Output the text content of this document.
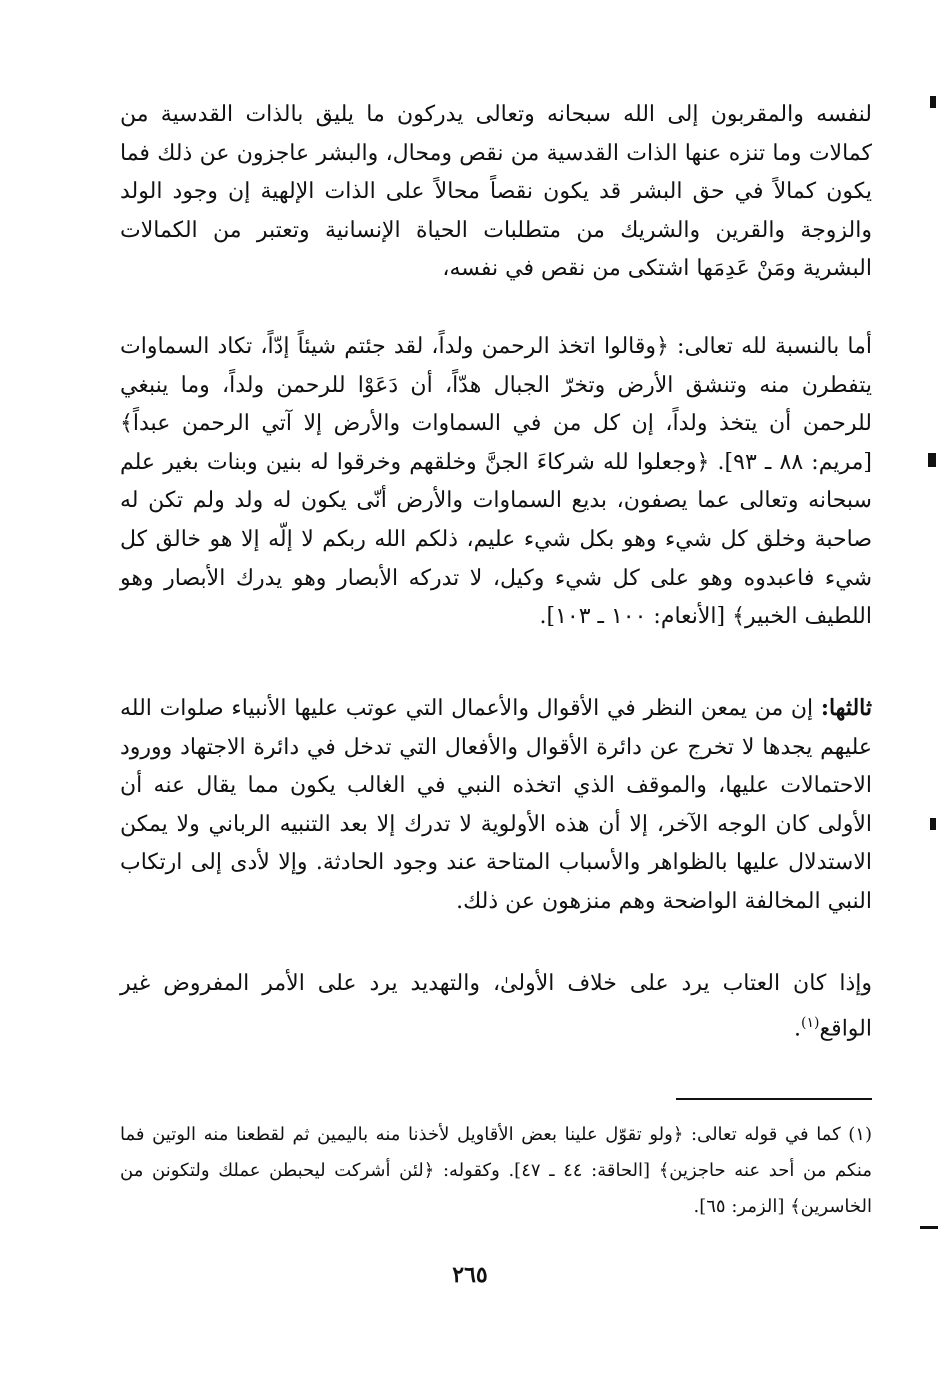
لنفسه والمقربون إلى الله سبحانه وتعالى يدركون ما يليق بالذات القدسية من كمالات وما تنزه عنها الذات القدسية من نقص ومحال، والبشر عاجزون عن ذلك فما يكون كمالاً في حق البشر قد يكون نقصاً محالاً على الذات الإلهية إن وجود الولد والزوجة والقرين والشريك من متطلبات الحياة الإنسانية وتعتبر من الكمالات البشرية ومَنْ عَدِمَها اشتكى من نقص في نفسه،

أما بالنسبة لله تعالى: ﴿وقالوا اتخذ الرحمن ولداً، لقد جئتم شيئاً إدّاً، تكاد السماوات يتفطرن منه وتنشق الأرض وتخرّ الجبال هدّاً، أن دَعَوْا للرحمن ولداً، وما ينبغي للرحمن أن يتخذ ولداً، إن كل من في السماوات والأرض إلا آتي الرحمن عبداً﴾ [مريم: ٨٨ ـ ٩٣]. ﴿وجعلوا لله شركاءَ الجنَّ وخلقهم وخرقوا له بنين وبنات بغير علم سبحانه وتعالى عما يصفون، بديع السماوات والأرض أنّى يكون له ولد ولم تكن له صاحبة وخلق كل شيء وهو بكل شيء عليم، ذلكم الله ربكم لا إلّه إلا هو خالق كل شيء فاعبدوه وهو على كل شيء وكيل، لا تدركه الأبصار وهو يدرك الأبصار وهو اللطيف الخبير﴾ [الأنعام: ١٠٠ ـ ١٠٣].

ثالثها: إن من يمعن النظر في الأقوال والأعمال التي عوتب عليها الأنبياء صلوات الله عليهم يجدها لا تخرج عن دائرة الأقوال والأفعال التي تدخل في دائرة الاجتهاد وورود الاحتمالات عليها، والموقف الذي اتخذه النبي في الغالب يكون مما يقال عنه أن الأولى كان الوجه الآخر، إلا أن هذه الأولوية لا تدرك إلا بعد التنبيه الرباني ولا يمكن الاستدلال عليها بالظواهر والأسباب المتاحة عند وجود الحادثة. وإلا لأدى إلى ارتكاب النبي المخالفة الواضحة وهم منزهون عن ذلك.

وإذا كان العتاب يرد على خلاف الأولىٰ، والتهديد يرد على الأمر المفروض غير الواقع$^{(١)}$.

(١) كما في قوله تعالى: ﴿ولو تقوّل علينا بعض الأقاويل لأخذنا منه باليمين ثم لقطعنا منه الوتين فما منكم من أحد عنه حاجزين﴾ [الحاقة: ٤٤ ـ ٤٧]. وكقوله: ﴿لئن أشركت ليحبطن عملك ولتكونن من الخاسرين﴾ [الزمر: ٦٥].

٢٦٥
